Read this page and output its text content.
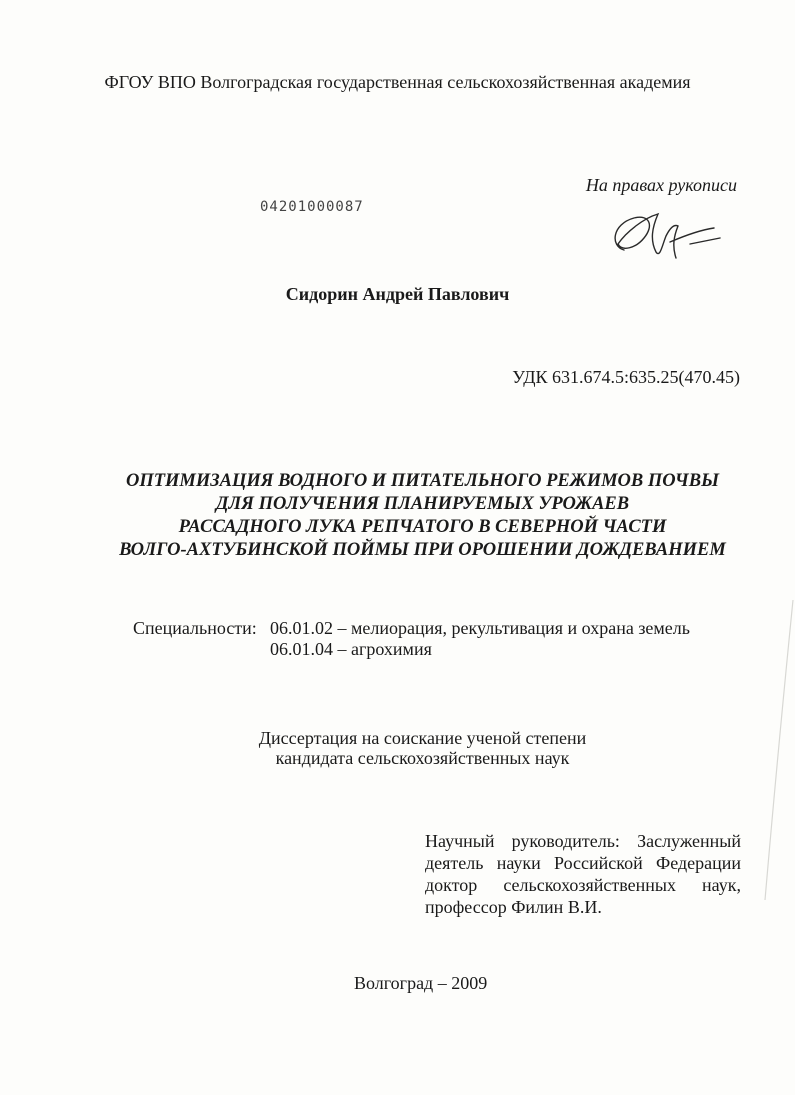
ФГОУ ВПО Волгоградская государственная сельскохозяйственная академия
На правах рукописи
04201000087
Сидорин Андрей Павлович
УДК 631.674.5:635.25(470.45)
ОПТИМИЗАЦИЯ ВОДНОГО И ПИТАТЕЛЬНОГО РЕЖИМОВ ПОЧВЫ
ДЛЯ ПОЛУЧЕНИЯ ПЛАНИРУЕМЫХ УРОЖАЕВ
РАССАДНОГО ЛУКА РЕПЧАТОГО В СЕВЕРНОЙ ЧАСТИ
ВОЛГО-АХТУБИНСКОЙ ПОЙМЫ ПРИ ОРОШЕНИИ ДОЖДЕВАНИЕМ
Специальности: 06.01.02 – мелиорация, рекультивация и охрана земель
06.01.04 – агрохимия
Диссертация на соискание ученой степени
кандидата сельскохозяйственных наук
Научный руководитель: Заслуженный
деятель науки Российской Федерации
доктор сельскохозяйственных наук,
профессор Филин В.И.
Волгоград – 2009
